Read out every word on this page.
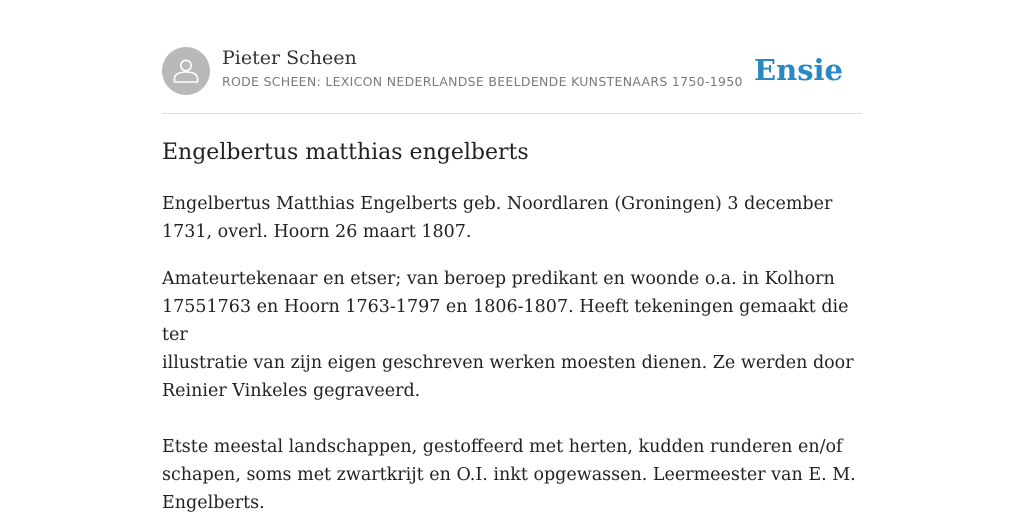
Pieter Scheen
RODE SCHEEN: LEXICON NEDERLANDSE BEELDENDE KUNSTENAARS 1750-1950 Ensie
Engelbertus matthias engelberts

Engelbertus Matthias Engelberts geb. Noordlaren (Groningen) 3 december 1731, overl. Hoorn 26 maart 1807.

Amateurtekenaar en etser; van beroep predikant en woonde o.a. in Kolhorn
17551763 en Hoorn 1763-1797 en 1806-1807. Heeft tekeningen gemaakt die ter
illustratie van zijn eigen geschreven werken moesten dienen. Ze werden door
Reinier Vinkeles gegraveerd.

Etste meestal landschappen, gestoffeerd met herten, kudden runderen en/of
schapen, soms met zwartkrijt en O.I. inkt opgewassen. Leermeester van E. M.
Engelberts.
